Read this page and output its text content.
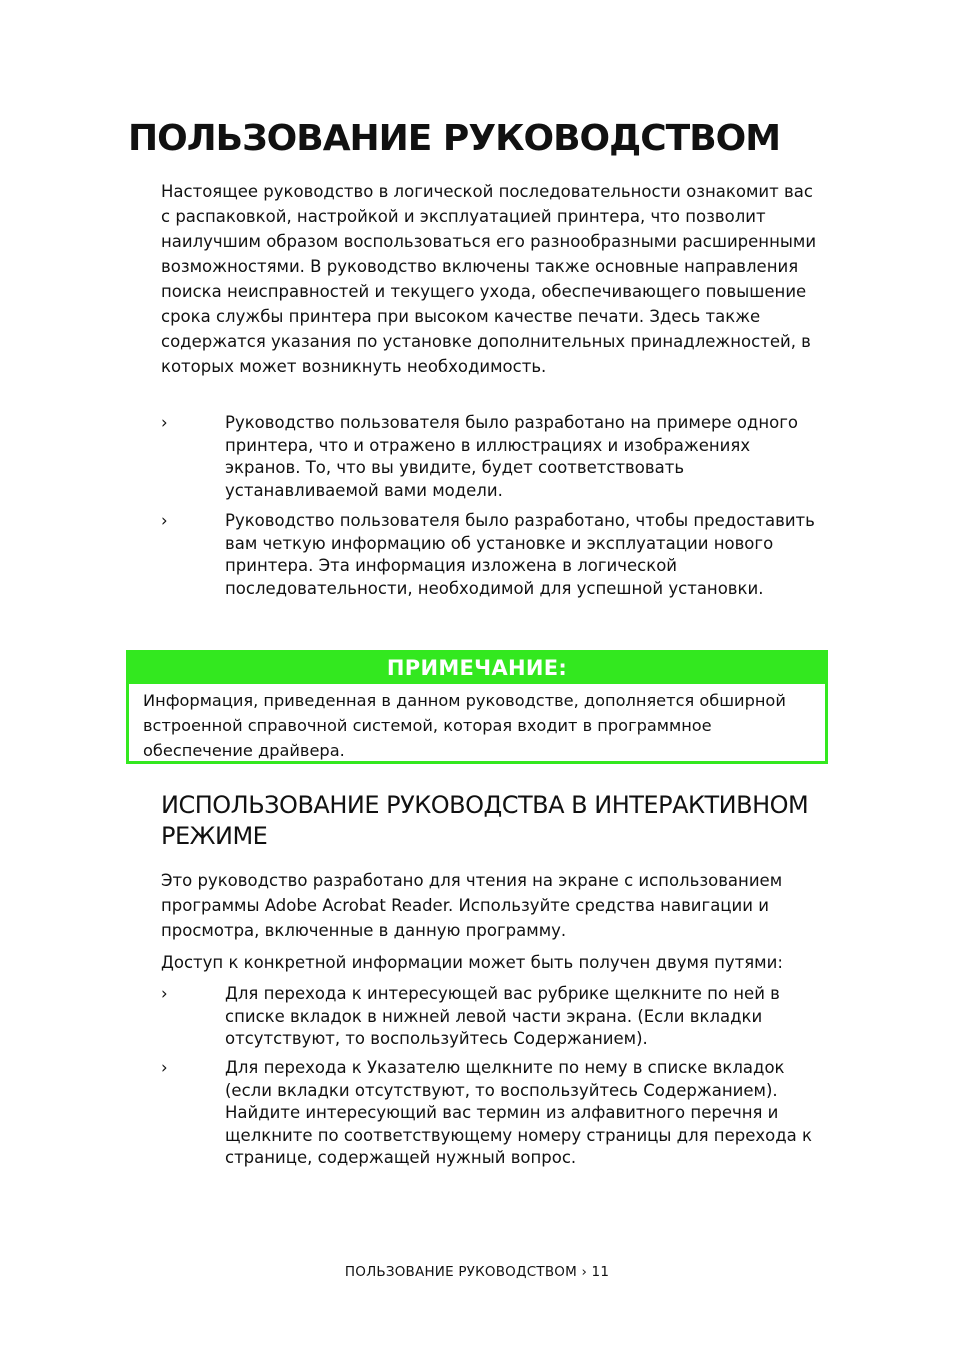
ПОЛЬЗОВАНИЕ РУКОВОДСТВОМ

Настоящее руководство в логической последовательности ознакомит вас с распаковкой, настройкой и эксплуатацией принтера, что позволит наилучшим образом воспользоваться его разнообразными расширенными возможностями. В руководство включены также основные направления поиска неисправностей и текущего ухода, обеспечивающего повышение срока службы принтера при высоком качестве печати. Здесь также содержатся указания по установке дополнительных принадлежностей, в которых может возникнуть необходимость.

›	Руководство пользователя было разработано на примере одного принтера, что и отражено в иллюстрациях и изображениях экранов. То, что вы увидите, будет соответствовать устанавливаемой вами модели.
›	Руководство пользователя было разработано, чтобы предоставить вам четкую информацию об установке и эксплуатации нового принтера. Эта информация изложена в логической последовательности, необходимой для успешной установки.
ПРИМЕЧАНИЕ:
Информация, приведенная в данном руководстве, дополняется обширной встроенной справочной системой, которая входит в программное обеспечение драйвера.
ИСПОЛЬЗОВАНИЕ РУКОВОДСТВА В ИНТЕРАКТИВНОМ РЕЖИМЕ

Это руководство разработано для чтения на экране с использованием программы Adobe Acrobat Reader. Используйте средства навигации и просмотра, включенные в данную программу.

Доступ к конкретной информации может быть получен двумя путями:

›	Для перехода к интересующей вас рубрике щелкните по ней в списке вкладок в нижней левой части экрана. (Если вкладки отсутствуют, то воспользуйтесь Содержанием).
›	Для перехода к Указателю щелкните по нему в списке вкладок (если вкладки отсутствуют, то воспользуйтесь Содержанием). Найдите интересующий вас термин из алфавитного перечня и щелкните по соответствующему номеру страницы для перехода к странице, содержащей нужный вопрос.
ПОЛЬЗОВАНИЕ РУКОВОДСТВОМ › 11
